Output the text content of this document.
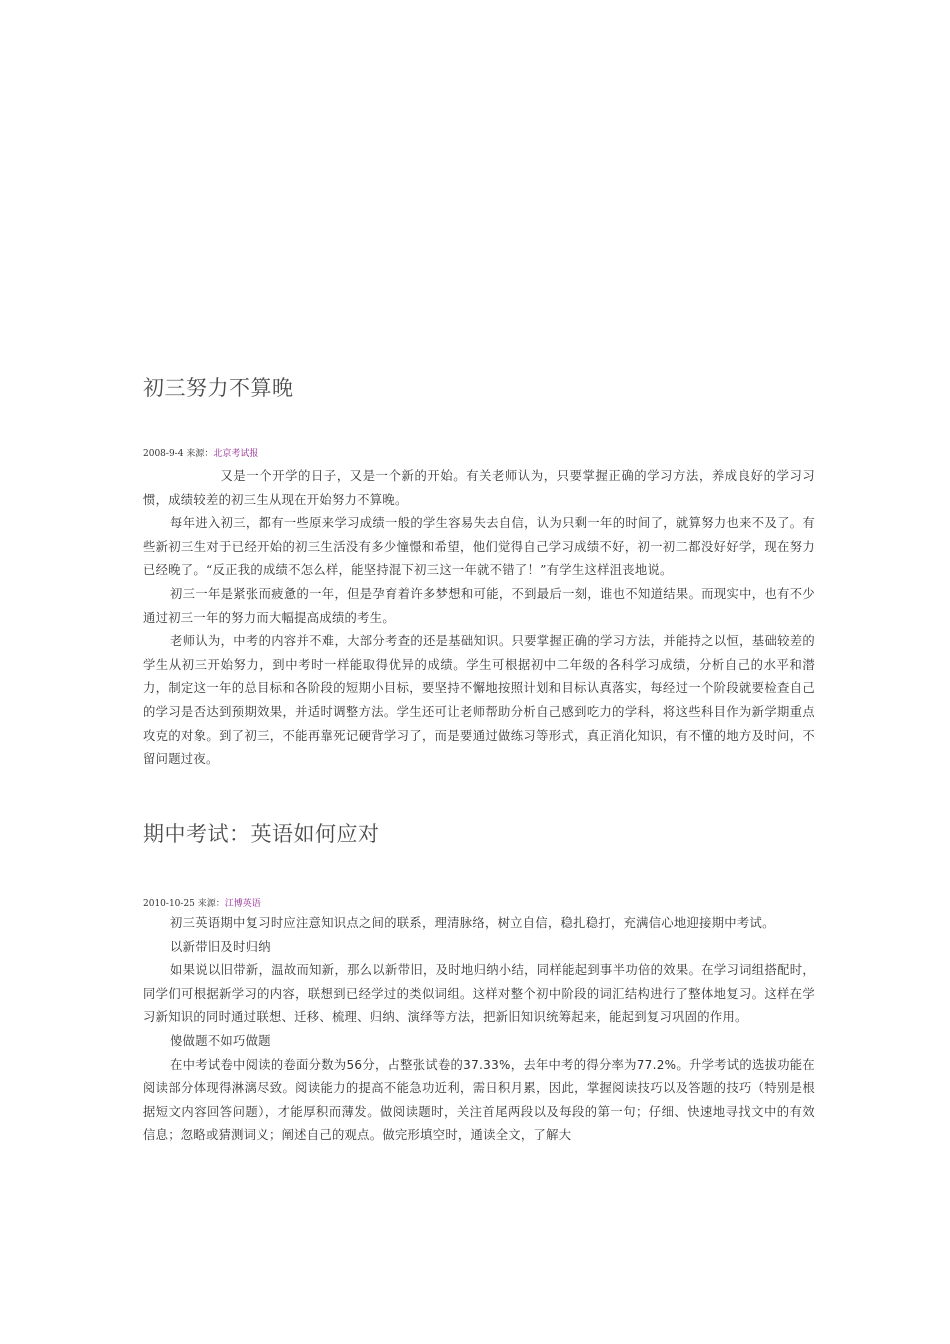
初三努力不算晚
2008-9-4 来源：北京考试报

又是一个开学的日子，又是一个新的开始。有关老师认为，只要掌握正确的学习方法，养成良好的学习习惯，成绩较差的初三生从现在开始努力不算晚。

每年进入初三，都有一些原来学习成绩一般的学生容易失去自信，认为只剩一年的时间了，就算努力也来不及了。有些新初三生对于已经开始的初三生活没有多少憧憬和希望，他们觉得自己学习成绩不好，初一初二都没好好学，现在努力已经晚了。“反正我的成绩不怎么样，能坚持混下初三这一年就不错了！”有学生这样沮丧地说。

初三一年是紧张而疲惫的一年，但是孕育着许多梦想和可能，不到最后一刻，谁也不知道结果。而现实中，也有不少通过初三一年的努力而大幅提高成绩的考生。

老师认为，中考的内容并不难，大部分考查的还是基础知识。只要掌握正确的学习方法，并能持之以恒，基础较差的学生从初三开始努力，到中考时一样能取得优异的成绩。学生可根据初中二年级的各科学习成绩，分析自己的水平和潜力，制定这一年的总目标和各阶段的短期小目标，要坚持不懈地按照计划和目标认真落实，每经过一个阶段就要检查自己的学习是否达到预期效果，并适时调整方法。学生还可让老师帮助分析自己感到吃力的学科，将这些科目作为新学期重点攻克的对象。到了初三，不能再靠死记硬背学习了，而是要通过做练习等形式，真正消化知识，有不懂的地方及时问，不留问题过夜。

期中考试：英语如何应对
2010-10-25 来源：江博英语

初三英语期中复习时应注意知识点之间的联系，理清脉络，树立自信，稳扎稳打，充满信心地迎接期中考试。

以新带旧及时归纳

如果说以旧带新，温故而知新，那么以新带旧，及时地归纳小结，同样能起到事半功倍的效果。在学习词组搭配时，同学们可根据新学习的内容，联想到已经学过的类似词组。这样对整个初中阶段的词汇结构进行了整体地复习。这样在学习新知识的同时通过联想、迁移、梳理、归纳、演绎等方法，把新旧知识统筹起来，能起到复习巩固的作用。

傻做题不如巧做题

在中考试卷中阅读的卷面分数为56分，占整张试卷的37.33%，去年中考的得分率为77.2%。升学考试的选拔功能在阅读部分体现得淋漓尽致。阅读能力的提高不能急功近利，需日积月累，因此，掌握阅读技巧以及答题的技巧（特别是根据短文内容回答问题），才能厚积而薄发。做阅读题时，关注首尾两段以及每段的第一句；仔细、快速地寻找文中的有效信息；忽略或猜测词义；阐述自己的观点。做完形填空时，通读全文，了解大
